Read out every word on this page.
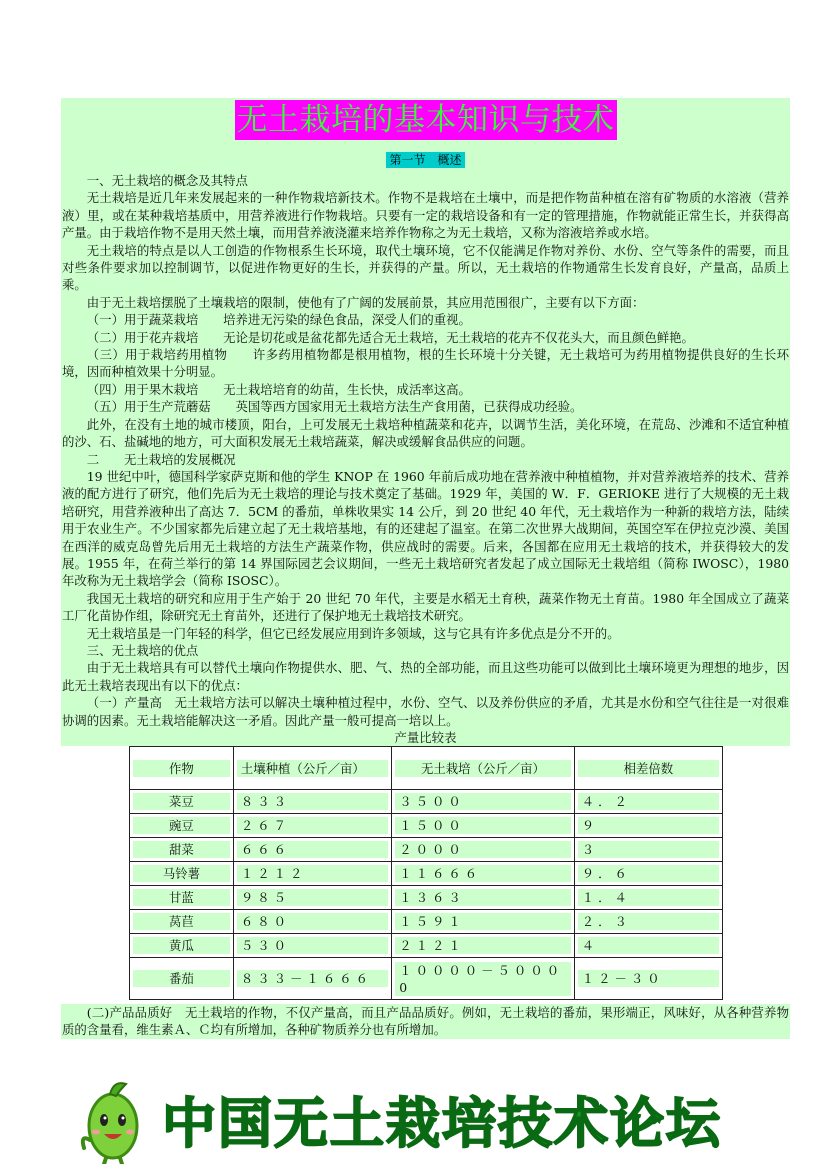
无土栽培的基本知识与技术
第一节　概述

一、无土栽培的概念及其特点

无土栽培是近几年来发展起来的一种作物栽培新技术。作物不是栽培在土壤中，而是把作物苗种植在溶有矿物质的水溶液（营养液）里，或在某种栽培基质中，用营养液进行作物栽培。只要有一定的栽培设备和有一定的管理措施，作物就能正常生长，并获得高产量。由于栽培作物不是用天然土壤，而用营养液浇灌来培养作物称之为无土栽培，又称为溶液培养或水培。

无土栽培的特点是以人工创造的作物根系生长环境，取代土壤环境，它不仅能满足作物对养份、水份、空气等条件的需要，而且对些条件要求加以控制调节，以促进作物更好的生长，并获得的产量。所以，无土栽培的作物通常生长发育良好，产量高，品质上乘。

由于无土栽培摆脱了土壤栽培的限制，使他有了广阔的发展前景，其应用范围很广，主要有以下方面：

（一）用于蔬菜栽培　　培养进无污染的绿色食品，深受人们的重视。

（二）用于花卉栽培　　无论是切花或是盆花都先适合无土栽培，无土栽培的花卉不仅花头大，而且颜色鲜艳。

（三）用于栽培药用植物　　许多药用植物都是根用植物，根的生长环境十分关键，无土栽培可为药用植物提供良好的生长环境，因而种植效果十分明显。

（四）用于果木栽培　　无土栽培培育的幼苗，生长快，成活率这高。

（五）用于生产荒蘑菇　　英国等西方国家用无土栽培方法生产食用菌，已获得成功经验。

此外，在没有土地的城市楼顶，阳台，上可发展无土栽培种植蔬菜和花卉，以调节生活，美化环境，在荒岛、沙滩和不适宜种植的沙、石、盐碱地的地方，可大面积发展无土栽培蔬菜，解决或缓解食品供应的问题。

二　　无土栽培的发展概况

19 世纪中叶，德国科学家萨克斯和他的学生 KNOP 在 1960 年前后成功地在营养液中种植植物，并对营养液培养的技术、营养液的配方进行了研究，他们先后为无土栽培的理论与技术奠定了基础。1929 年，美国的 W．F．GERIOKE 进行了大规模的无土栽培研究，用营养液种出了高达 7．5CM 的番茄，单株收果实 14 公斤，到 20 世纪 40 年代，无土栽培作为一种新的栽培方法，陆续用于农业生产。不少国家都先后建立起了无土栽培基地，有的还建起了温室。在第二次世界大战期间，英国空军在伊拉克沙漠、美国在西洋的威克岛曾先后用无土栽培的方法生产蔬菜作物，供应战时的需要。后来，各国都在应用无土栽培的技术，并获得较大的发展。1955 年，在荷兰举行的第 14 界国际园艺会议期间，一些无土栽培研究者发起了成立国际无土栽培组（简称 IWOSC），1980 年改称为无土栽培学会（简称 ISOSC）。

我国无土栽培的研究和应用于生产始于 20 世纪 70 年代，主要是水稻无土育秧，蔬菜作物无土育苗。1980 年全国成立了蔬菜工厂化苗协作组，除研究无土育苗外，还进行了保护地无土栽培技术研究。

无土栽培虽是一门年轻的科学，但它已经发展应用到许多领域，这与它具有许多优点是分不开的。

三、无土栽培的优点

由于无土栽培具有可以替代土壤向作物提供水、肥、气、热的全部功能，而且这些功能可以做到比土壤环境更为理想的地步，因此无土栽培表现出有以下的优点：

（一）产量高　无土栽培方法可以解决土壤种植过程中，水份、空气、以及养份供应的矛盾，尤其是水份和空气往往是一对很难协调的因素。无土栽培能解决这一矛盾。因此产量一般可提高一培以上。

产量比较表
作物	土壤种植（公斤／亩）	无土栽培（公斤／亩）	相差倍数

菜豆	８３３	３５００	４．２

豌豆	２６７	１５００	９

甜菜	６６６	２０００	３

马铃薯	１２１２	１１６６６	９．６

甘蓝	９８５	１３６３	１．４

莴苣	６８０	１５９１	２．３

黄瓜	５３０	２１２１	４

番茄	８３３－１６６６	１００００－５０００0	１２－３０

(二)产品品质好　无土栽培的作物，不仅产量高，而且产品品质好。例如，无土栽培的番茄，果形端正，风味好，从各种营养物质的含量看，维生素Ａ、Ｃ均有所增加，各种矿物质养分也有所增加。

中国无土栽培技术论坛
